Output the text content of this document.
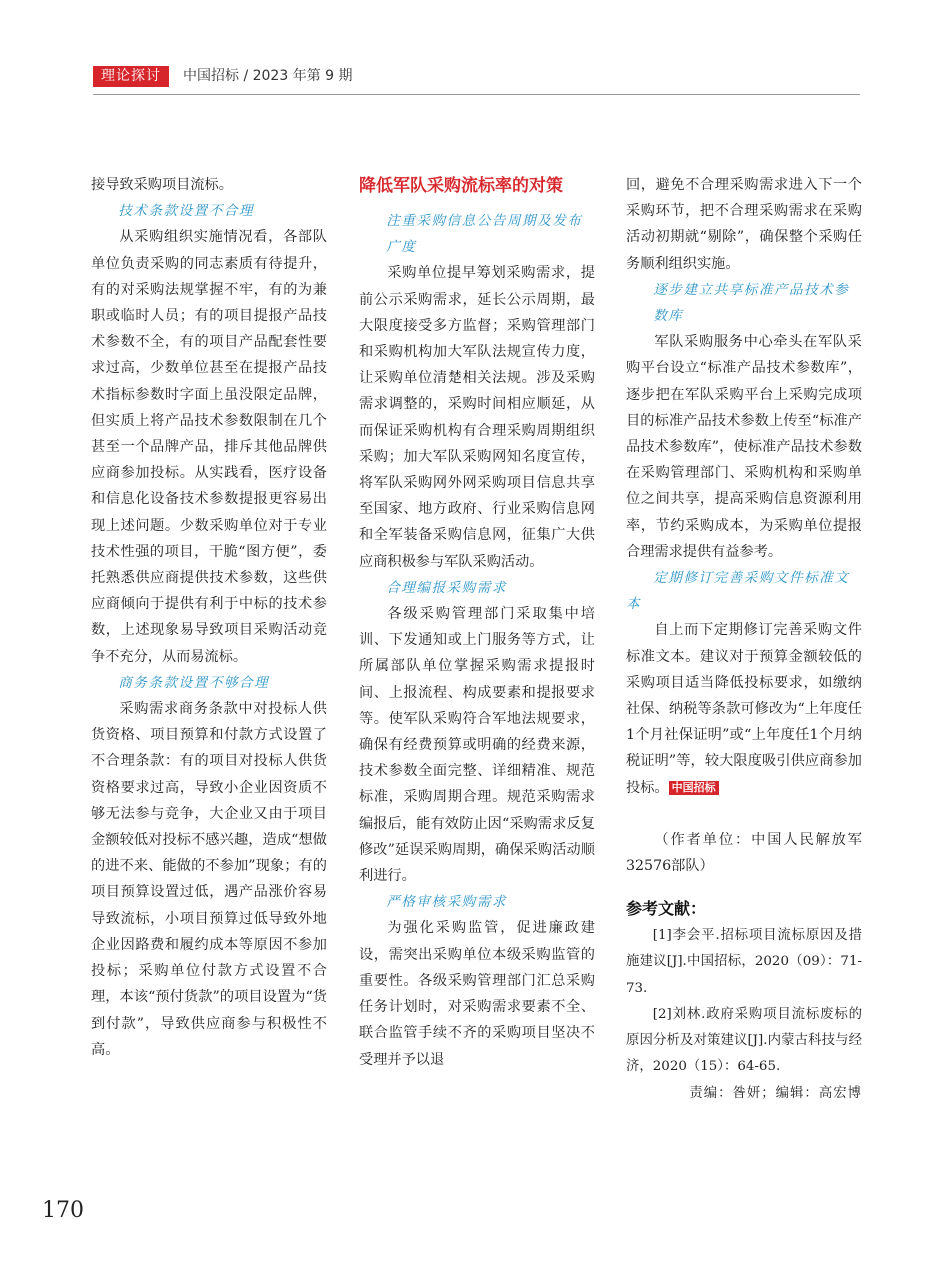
理论探讨	中国招标 / 2023 年第 9 期

接导致采购项目流标。

技术条款设置不合理

从采购组织实施情况看，各部队单位负责采购的同志素质有待提升，有的对采购法规掌握不牢，有的为兼职或临时人员；有的项目提报产品技术参数不全，有的项目产品配套性要求过高，少数单位甚至在提报产品技术指标参数时字面上虽没限定品牌，但实质上将产品技术参数限制在几个甚至一个品牌产品，排斥其他品牌供应商参加投标。从实践看，医疗设备和信息化设备技术参数提报更容易出现上述问题。少数采购单位对于专业技术性强的项目，干脆“图方便”，委托熟悉供应商提供技术参数，这些供应商倾向于提供有利于中标的技术参数，上述现象易导致项目采购活动竞争不充分，从而易流标。

商务条款设置不够合理

采购需求商务条款中对投标人供货资格、项目预算和付款方式设置了不合理条款：有的项目对投标人供货资格要求过高，导致小企业因资质不够无法参与竞争，大企业又由于项目金额较低对投标不感兴趣，造成“想做的进不来、能做的不参加”现象；有的项目预算设置过低，遇产品涨价容易导致流标，小项目预算过低导致外地企业因路费和履约成本等原因不参加投标；采购单位付款方式设置不合理，本该“预付货款”的项目设置为“货到付款”，导致供应商参与积极性不高。

降低军队采购流标率的对策
注重采购信息公告周期及发布广度

采购单位提早筹划采购需求，提前公示采购需求，延长公示周期，最大限度接受多方监督；采购管理部门和采购机构加大军队法规宣传力度，让采购单位清楚相关法规。涉及采购需求调整的，采购时间相应顺延，从而保证采购机构有合理采购周期组织采购；加大军队采购网知名度宣传，将军队采购网外网采购项目信息共享至国家、地方政府、行业采购信息网和全军装备采购信息网，征集广大供应商积极参与军队采购活动。

合理编报采购需求

各级采购管理部门采取集中培训、下发通知或上门服务等方式，让所属部队单位掌握采购需求提报时间、上报流程、构成要素和提报要求等。使军队采购符合军地法规要求，确保有经费预算或明确的经费来源，技术参数全面完整、详细精准、规范标准，采购周期合理。规范采购需求编报后，能有效防止因“采购需求反复修改”延误采购周期，确保采购活动顺利进行。

严格审核采购需求

为强化采购监管，促进廉政建设，需突出采购单位本级采购监管的重要性。各级采购管理部门汇总采购任务计划时，对采购需求要素不全、联合监管手续不齐的采购项目坚决不受理并予以退

回，避免不合理采购需求进入下一个采购环节，把不合理采购需求在采购活动初期就“剔除”，确保整个采购任务顺利组织实施。

逐步建立共享标准产品技术参数库

军队采购服务中心牵头在军队采购平台设立“标准产品技术参数库”，逐步把在军队采购平台上采购完成项目的标准产品技术参数上传至“标准产品技术参数库”，使标准产品技术参数在采购管理部门、采购机构和采购单位之间共享，提高采购信息资源利用率，节约采购成本，为采购单位提报合理需求提供有益参考。

定期修订完善采购文件标准文本

自上而下定期修订完善采购文件标准文本。建议对于预算金额较低的采购项目适当降低投标要求，如缴纳社保、纳税等条款可修改为“上年度任1个月社保证明”或“上年度任1个月纳税证明”等，较大限度吸引供应商参加投标。 中国招标

（作者单位：中国人民解放军32576部队）

参考文献：

[1]李会平.招标项目流标原因及措施建议[J].中国招标，2020（09）：71-73.

[2]刘林.政府采购项目流标废标的原因分析及对策建议[J].内蒙古科技与经济，2020（15）：64-65.

责编：昝妍；编辑：高宏博

170
